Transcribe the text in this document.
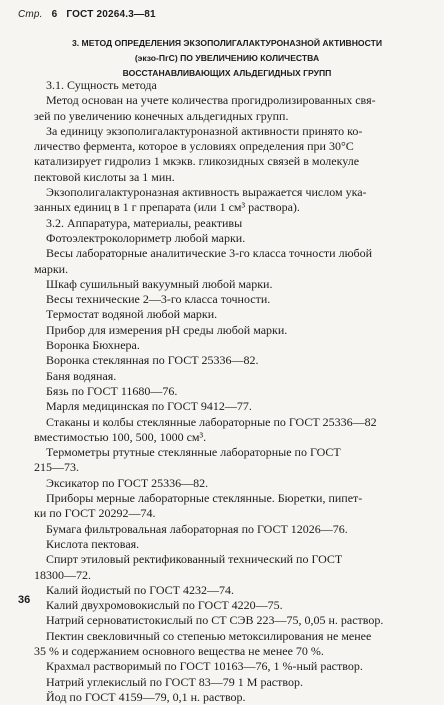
Стр. 6 ГОСТ 20264.3—81
3. МЕТОД ОПРЕДЕЛЕНИЯ ЭКЗОПОЛИГАЛАКТУРОНАЗНОЙ АКТИВНОСТИ
(экзо-ПгС) ПО УВЕЛИЧЕНИЮ КОЛИЧЕСТВА
ВОССТАНАВЛИВАЮЩИХ АЛЬДЕГИДНЫХ ГРУПП
3.1. Сущность метода
Метод основан на учете количества прогидролизированных свя-
зей по увеличению конечных альдегидных групп.
За единицу экзополигалактуроназной активности принято ко-
личество фермента, которое в условиях определения при 30°С
катализирует гидролиз 1 мкэкв. гликозидных связей в молекуле
пектовой кислоты за 1 мин.
Экзополигалактуроназная активность выражается числом ука-
занных единиц в 1 г препарата (или 1 см³ раствора).
3.2. Аппаратура, материалы, реактивы
Фотоэлектроколориметр любой марки.
Весы лабораторные аналитические 3-го класса точности любой
марки.
Шкаф сушильный вакуумный любой марки.
Весы технические 2—3-го класса точности.
Термостат водяной любой марки.
Прибор для измерения pH среды любой марки.
Воронка Бюхнера.
Воронка стеклянная по ГОСТ 25336—82.
Баня водяная.
Бязь по ГОСТ 11680—76.
Марля медицинская по ГОСТ 9412—77.
Стаканы и колбы стеклянные лабораторные по ГОСТ 25336—82
вместимостью 100, 500, 1000 см³.
Термометры ртутные стеклянные лабораторные по ГОСТ
215—73.
Эксикатор по ГОСТ 25336—82.
Приборы мерные лабораторные стеклянные. Бюретки, пипет-
ки по ГОСТ 20292—74.
Бумага фильтровальная лабораторная по ГОСТ 12026—76.
Кислота пектовая.
Спирт этиловый ректификованный технический по ГОСТ
18300—72.
Калий йодистый по ГОСТ 4232—74.
Калий двухромовокислый по ГОСТ 4220—75.
Натрий серноватистокислый по СТ СЭВ 223—75, 0,05 н. раствор.
Пектин свекловичный со степенью метоксилирования не менее
35 % и содержанием основного вещества не менее 70 %.
Крахмал растворимый по ГОСТ 10163—76, 1 %-ный раствор.
Натрий углекислый по ГОСТ 83—79 1 М раствор.
Йод по ГОСТ 4159—79, 0,1 н. раствор.
36
